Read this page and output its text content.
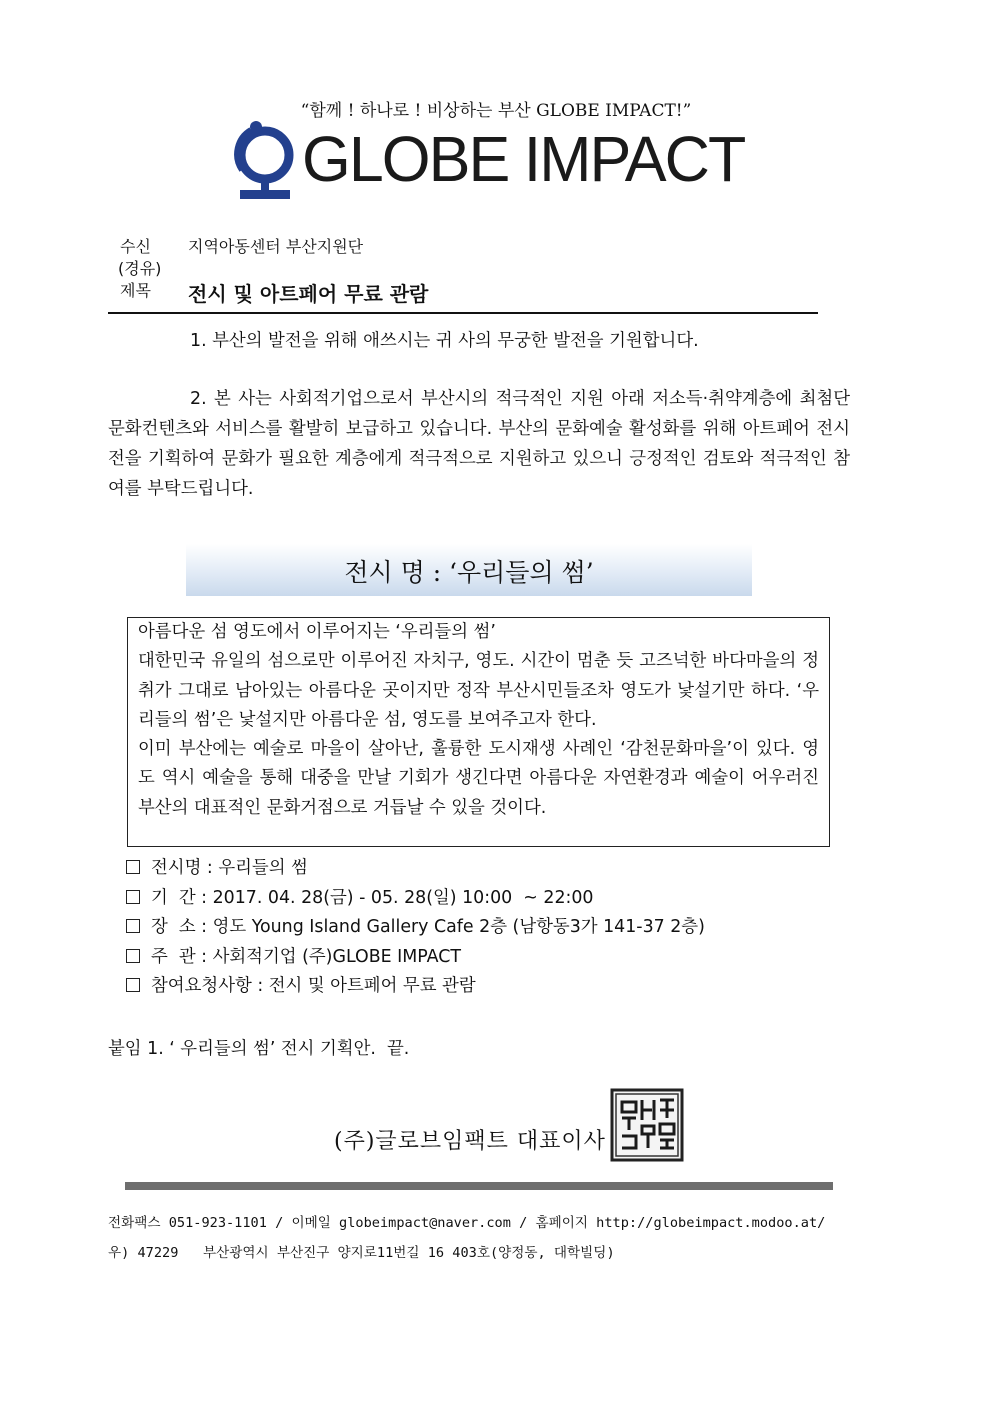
“함께 ! 하나로 ! 비상하는 부산 GLOBE IMPACT!”
GLOBE IMPACT
수신 지역아동센터 부산지원단
(경유)
제목 전시 및 아트페어 무료 관람
1. 부산의 발전을 위해 애쓰시는 귀 사의 무궁한 발전을 기원합니다.
2. 본 사는 사회적기업으로서 부산시의 적극적인 지원 아래 저소득·취약계층에 최첨단 문화컨텐츠와 서비스를 활발히 보급하고 있습니다. 부산의 문화예술 활성화를 위해 아트페어 전시전을 기획하여 문화가 필요한 계층에게 적극적으로 지원하고 있으니 긍정적인 검토와 적극적인 참여를 부탁드립니다.
전시 명 : ‘우리들의 썸’
아름다운 섬 영도에서 이루어지는 ‘우리들의 썸’
대한민국 유일의 섬으로만 이루어진 자치구, 영도. 시간이 멈춘 듯 고즈넉한 바다마을의 정취가 그대로 남아있는 아름다운 곳이지만 정작 부산시민들조차 영도가 낯설기만 하다. ‘우리들의 썸’은 낯설지만 아름다운 섬, 영도를 보여주고자 한다.
이미 부산에는 예술로 마을이 살아난, 훌륭한 도시재생 사례인 ‘감천문화마을’이 있다. 영도 역시 예술을 통해 대중을 만날 기회가 생긴다면 아름다운 자연환경과 예술이 어우러진 부산의 대표적인 문화거점으로 거듭날 수 있을 것이다.
전시명 : 우리들의 썸
기  간 : 2017. 04. 28(금) - 05. 28(일) 10:00  ~ 22:00
장  소 : 영도 Young Island Gallery Cafe 2층 (남항동3가 141-37 2층)
주  관 : 사회적기업 (주)GLOBE IMPACT
참여요청사항 : 전시 및 아트페어 무료 관람
붙임 1. ‘ 우리들의 썸’ 전시 기획안.  끝.
(주)글로브임팩트 대표이사
전화팩스 051-923-1101 / 이메일 globeimpact@naver.com / 홈페이지 http://globeimpact.modoo.at/
우) 47229   부산광역시 부산진구 양지로11번길 16 403호(양정동, 대학빌딩)
